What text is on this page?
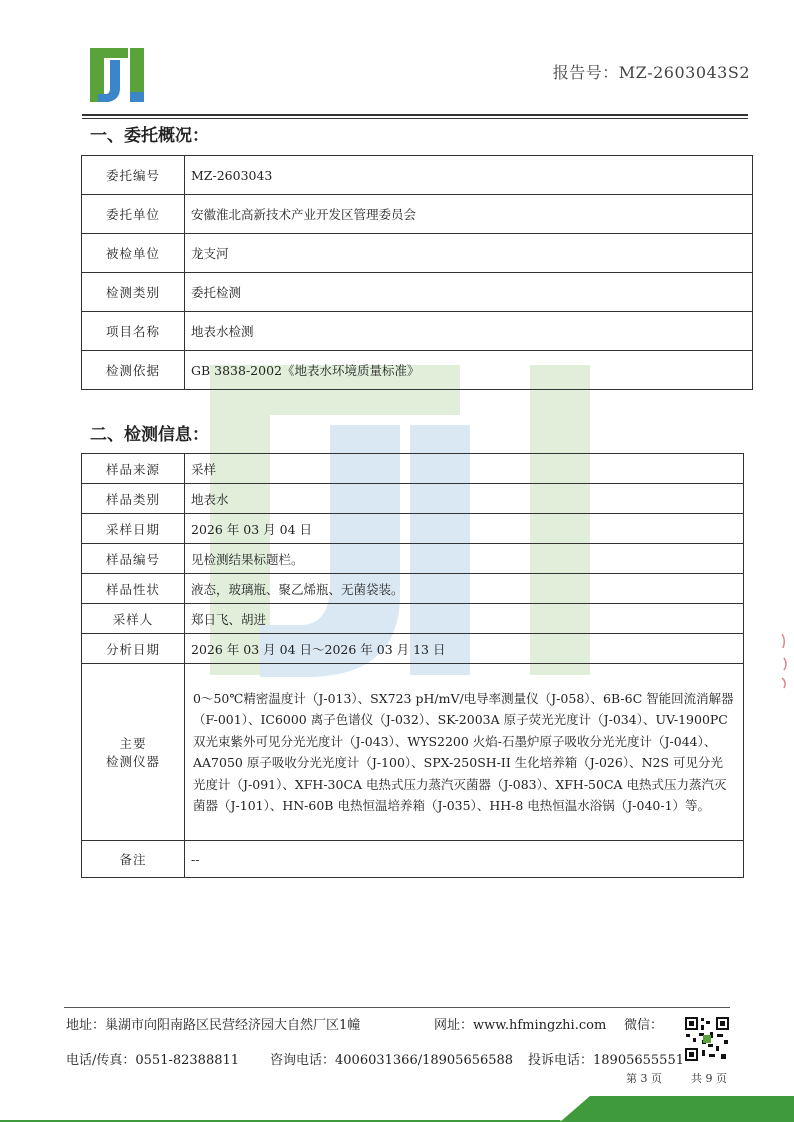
报告号：MZ-2603043S2
一、委托概况：
委托编号	MZ-2603043
委托单位	安徽淮北高新技术产业开发区管理委员会
被检单位	龙支河
检测类别	委托检测
项目名称	地表水检测
检测依据	GB 3838-2002《地表水环境质量标准》
二、检测信息：
样品来源	采样
样品类别	地表水
采样日期	2026 年 03 月 04 日
样品编号	见检测结果标题栏。
样品性状	液态，玻璃瓶、聚乙烯瓶、无菌袋装。
采样人	郑日飞、胡进
分析日期	2026 年 03 月 04 日～2026 年 03 月 13 日

主要
检测仪器	0～50℃精密温度计（J-013）、SX723 pH/mV/电导率测量仪（J-058）、6B-6C 智能回流消解器（F-001）、IC6000 离子色谱仪（J-032）、SK-2003A 原子荧光光度计（J-034）、UV-1900PC 双光束紫外可见分光光度计（J-043）、WYS2200 火焰-石墨炉原子吸收分光光度计（J-044）、AA7050 原子吸收分光光度计（J-100）、SPX-250SH-II 生化培养箱（J-026）、N2S 可见分光光度计（J-091）、XFH-30CA 电热式压力蒸汽灭菌器（J-083）、XFH-50CA 电热式压力蒸汽灭菌器（J-101）、HN-60B 电热恒温培养箱（J-035）、HH-8 电热恒温水浴锅（J-040-1）等。
备注	--
地址：巢湖市向阳南路区民营经济园大自然厂区1幢	网址：www.hfmingzhi.com 微信：
电话/传真：0551-82388811 咨询电话：4006031366/18905656588 投诉电话：18905655551
第 3 页	共 9 页
